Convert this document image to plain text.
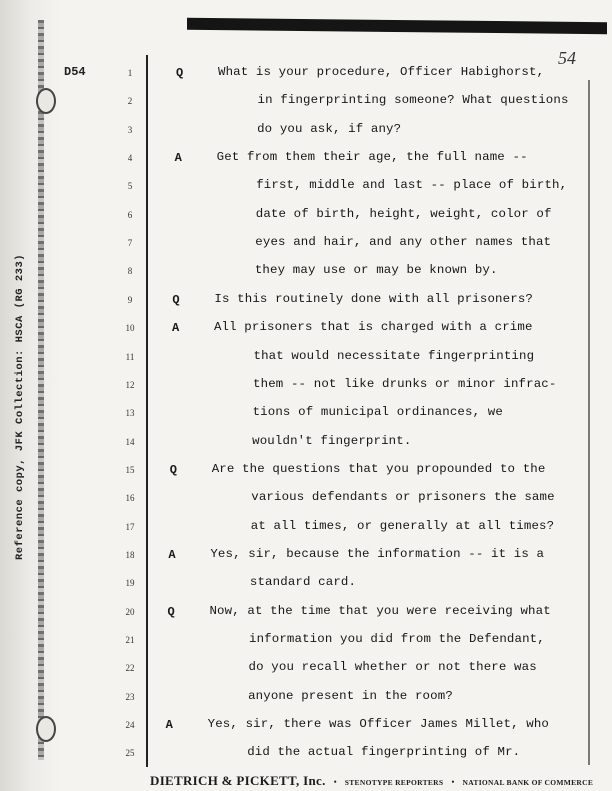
Reference copy, JFK Collection: HSCA (RG 233)
54
D54	1	Q	What is your procedure, Officer Habighorst,
2	in fingerprinting someone? What questions
3	do you ask, if any?
4	A	Get from them their age, the full name --
5	first, middle and last -- place of birth,
6	date of birth, height, weight, color of
7	eyes and hair, and any other names that
8	they may use or may be known by.
9	Q	Is this routinely done with all prisoners?
10	A	All prisoners that is charged with a crime
11	that would necessitate fingerprinting
12	them -- not like drunks or minor infrac-
13	tions of municipal ordinances, we
14	wouldn't fingerprint.
15	Q	Are the questions that you propounded to the
16	various defendants or prisoners the same
17	at all times, or generally at all times?
18	A	Yes, sir, because the information -- it is a
19	standard card.
20	Q	Now, at the time that you were receiving what
21	information you did from the Defendant,
22	do you recall whether or not there was
23	anyone present in the room?
24	A	Yes, sir, there was Officer James Millet, who
25	did the actual fingerprinting of Mr.
DIETRICH & PICKETT, Inc. • STENOTYPE REPORTERS • NATIONAL BANK OF COMMERCE
